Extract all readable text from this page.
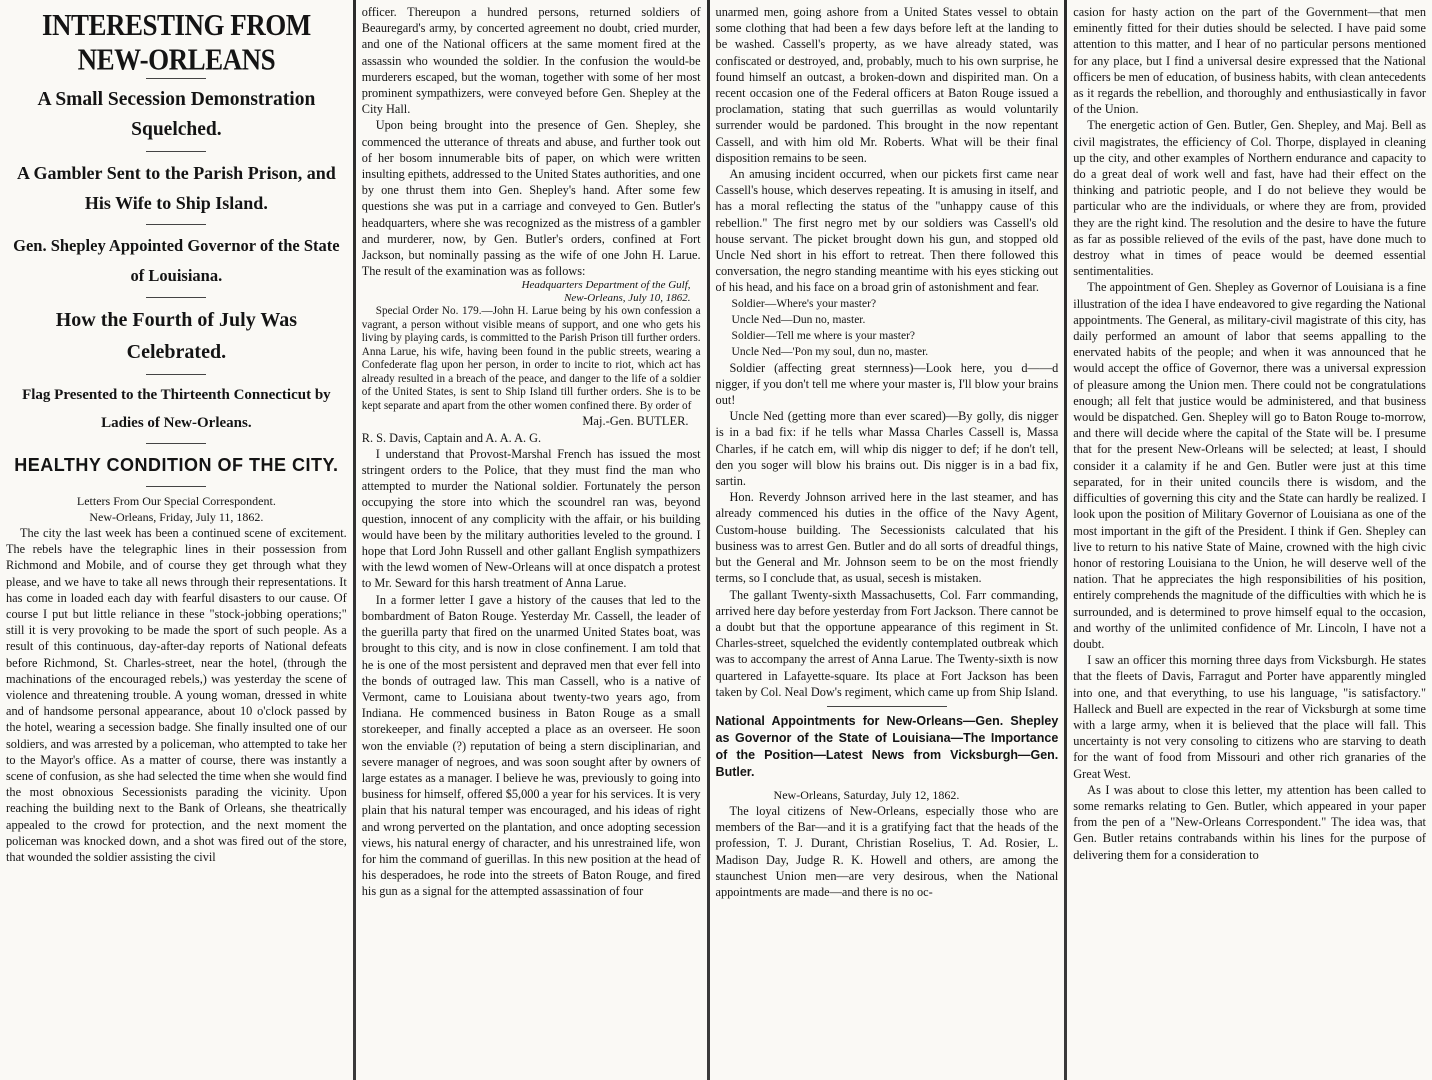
INTERESTING FROM NEW-ORLEANS
A Small Secession Demonstration Squelched.
A Gambler Sent to the Parish Prison, and His Wife to Ship Island.
Gen. Shepley Appointed Governor of the State of Louisiana.
How the Fourth of July Was Celebrated.
Flag Presented to the Thirteenth Connecticut by Ladies of New-Orleans.
HEALTHY CONDITION OF THE CITY.
Letters From Our Special Correspondent.
New-Orleans, Friday, July 11, 1862.

The city the last week has been a continued scene of excitement. The rebels have the telegraphic lines in their possession from Richmond and Mobile, and of course they get through what they please, and we have to take all news through their representations. It has come in loaded each day with fearful disasters to our cause. Of course I put but little reliance in these "stock-jobbing operations;" still it is very provoking to be made the sport of such people. As a result of this continuous, day-after-day reports of National defeats before Richmond, St. Charles-street, near the hotel, (through the machinations of the encouraged rebels,) was yesterday the scene of violence and threatening trouble. A young woman, dressed in white and of handsome personal appearance, about 10 o'clock passed by the hotel, wearing a secession badge. She finally insulted one of our soldiers, and was arrested by a policeman, who attempted to take her to the Mayor's office. As a matter of course, there was instantly a scene of confusion, as she had selected the time when she would find the most obnoxious Secessionists parading the vicinity. Upon reaching the building next to the Bank of Orleans, she theatrically appealed to the crowd for protection, and the next moment the policeman was knocked down, and a shot was fired out of the store, that wounded the soldier assisting the civil

officer. Thereupon a hundred persons, returned soldiers of Beauregard's army, by concerted agreement no doubt, cried murder, and one of the National officers at the same moment fired at the assassin who wounded the soldier. In the confusion the would-be murderers escaped, but the woman, together with some of her most prominent sympathizers, were conveyed before Gen. Shepley at the City Hall.

Upon being brought into the presence of Gen. Shepley, she commenced the utterance of threats and abuse, and further took out of her bosom innumerable bits of paper, on which were written insulting epithets, addressed to the United States authorities, and one by one thrust them into Gen. Shepley's hand. After some few questions she was put in a carriage and conveyed to Gen. Butler's headquarters, where she was recognized as the mistress of a gambler and murderer, now, by Gen. Butler's orders, confined at Fort Jackson, but nominally passing as the wife of one John H. Larue. The result of the examination was as follows:

Headquarters Department of the Gulf,
New-Orleans, July 10, 1862.

Special Order No. 179.—John H. Larue being by his own confession a vagrant, a person without visible means of support, and one who gets his living by playing cards, is committed to the Parish Prison till further orders. Anna Larue, his wife, having been found in the public streets, wearing a Confederate flag upon her person, in order to incite to riot, which act has already resulted in a breach of the peace, and danger to the life of a soldier of the United States, is sent to Ship Island till further orders. She is to be kept separate and apart from the other women confined there. By order of

Maj.-Gen. BUTLER.

R. S. Davis, Captain and A. A. A. G.

I understand that Provost-Marshal French has issued the most stringent orders to the Police, that they must find the man who attempted to murder the National soldier. Fortunately the person occupying the store into which the scoundrel ran was, beyond question, innocent of any complicity with the affair, or his building would have been by the military authorities leveled to the ground. I hope that Lord John Russell and other gallant English sympathizers with the lewd women of New-Orleans will at once dispatch a protest to Mr. Seward for this harsh treatment of Anna Larue.

In a former letter I gave a history of the causes that led to the bombardment of Baton Rouge. Yesterday Mr. Cassell, the leader of the guerilla party that fired on the unarmed United States boat, was brought to this city, and is now in close confinement. I am told that he is one of the most persistent and depraved men that ever fell into the bonds of outraged law. This man Cassell, who is a native of Vermont, came to Louisiana about twenty-two years ago, from Indiana. He commenced business in Baton Rouge as a small storekeeper, and finally accepted a place as an overseer. He soon won the enviable (?) reputation of being a stern disciplinarian, and severe manager of negroes, and was soon sought after by owners of large estates as a manager. I believe he was, previously to going into business for himself, offered $5,000 a year for his services. It is very plain that his natural temper was encouraged, and his ideas of right and wrong perverted on the plantation, and once adopting secession views, his natural energy of character, and his unrestrained life, won for him the command of guerillas. In this new position at the head of his desperadoes, he rode into the streets of Baton Rouge, and fired his gun as a signal for the attempted assassination of four

unarmed men, going ashore from a United States vessel to obtain some clothing that had been a few days before left at the landing to be washed. Cassell's property, as we have already stated, was confiscated or destroyed, and, probably, much to his own surprise, he found himself an outcast, a broken-down and dispirited man. On a recent occasion one of the Federal officers at Baton Rouge issued a proclamation, stating that such guerrillas as would voluntarily surrender would be pardoned. This brought in the now repentant Cassell, and with him old Mr. Roberts. What will be their final disposition remains to be seen.

An amusing incident occurred, when our pickets first came near Cassell's house, which deserves repeating. It is amusing in itself, and has a moral reflecting the status of the "unhappy cause of this rebellion." The first negro met by our soldiers was Cassell's old house servant. The picket brought down his gun, and stopped old Uncle Ned short in his effort to retreat. Then there followed this conversation, the negro standing meantime with his eyes sticking out of his head, and his face on a broad grin of astonishment and fear.

Soldier—Where's your master?
Uncle Ned—Dun no, master.
Soldier—Tell me where is your master?
Uncle Ned—'Pon my soul, dun no, master.

Soldier (affecting great sternness)—Look here, you d——d nigger, if you don't tell me where your master is, I'll blow your brains out!

Uncle Ned (getting more than ever scared)—By golly, dis nigger is in a bad fix: if he tells whar Massa Charles Cassell is, Massa Charles, if he catch em, will whip dis nigger to def; if he don't tell, den you soger will blow his brains out. Dis nigger is in a bad fix, sartin.

Hon. Reverdy Johnson arrived here in the last steamer, and has already commenced his duties in the office of the Navy Agent, Custom-house building. The Secessionists calculated that his business was to arrest Gen. Butler and do all sorts of dreadful things, but the General and Mr. Johnson seem to be on the most friendly terms, so I conclude that, as usual, secesh is mistaken.

The gallant Twenty-sixth Massachusetts, Col. Farr commanding, arrived here day before yesterday from Fort Jackson. There cannot be a doubt but that the opportune appearance of this regiment in St. Charles-street, squelched the evidently contemplated outbreak which was to accompany the arrest of Anna Larue. The Twenty-sixth is now quartered in Lafayette-square. Its place at Fort Jackson has been taken by Col. Neal Dow's regiment, which came up from Ship Island.

National Appointments for New-Orleans—Gen. Shepley as Governor of the State of Louisiana—The Importance of the Position—Latest News from Vicksburgh—Gen. Butler.
New-Orleans, Saturday, July 12, 1862.

The loyal citizens of New-Orleans, especially those who are members of the Bar—and it is a gratifying fact that the heads of the profession, T. J. Durant, Christian Roselius, T. Ad. Rosier, L. Madison Day, Judge R. K. Howell and others, are among the staunchest Union men—are very desirous, when the National appointments are made—and there is no oc-

casion for hasty action on the part of the Government—that men eminently fitted for their duties should be selected. I have paid some attention to this matter, and I hear of no particular persons mentioned for any place, but I find a universal desire expressed that the National officers be men of education, of business habits, with clean antecedents as it regards the rebellion, and thoroughly and enthusiastically in favor of the Union.

The energetic action of Gen. Butler, Gen. Shepley, and Maj. Bell as civil magistrates, the efficiency of Col. Thorpe, displayed in cleaning up the city, and other examples of Northern endurance and capacity to do a great deal of work well and fast, have had their effect on the thinking and patriotic people, and I do not believe they would be particular who are the individuals, or where they are from, provided they are the right kind. The resolution and the desire to have the future as far as possible relieved of the evils of the past, have done much to destroy what in times of peace would be deemed essential sentimentalities.

The appointment of Gen. Shepley as Governor of Louisiana is a fine illustration of the idea I have endeavored to give regarding the National appointments. The General, as military-civil magistrate of this city, has daily performed an amount of labor that seems appalling to the enervated habits of the people; and when it was announced that he would accept the office of Governor, there was a universal expression of pleasure among the Union men. There could not be congratulations enough; all felt that justice would be administered, and that business would be dispatched. Gen. Shepley will go to Baton Rouge to-morrow, and there will decide where the capital of the State will be. I presume that for the present New-Orleans will be selected; at least, I should consider it a calamity if he and Gen. Butler were just at this time separated, for in their united councils there is wisdom, and the difficulties of governing this city and the State can hardly be realized. I look upon the position of Military Governor of Louisiana as one of the most important in the gift of the President. I think if Gen. Shepley can live to return to his native State of Maine, crowned with the high civic honor of restoring Louisiana to the Union, he will deserve well of the nation. That he appreciates the high responsibilities of his position, entirely comprehends the magnitude of the difficulties with which he is surrounded, and is determined to prove himself equal to the occasion, and worthy of the unlimited confidence of Mr. Lincoln, I have not a doubt.

I saw an officer this morning three days from Vicksburgh. He states that the fleets of Davis, Farragut and Porter have apparently mingled into one, and that everything, to use his language, "is satisfactory." Halleck and Buell are expected in the rear of Vicksburgh at some time with a large army, when it is believed that the place will fall. This uncertainty is not very consoling to citizens who are starving to death for the want of food from Missouri and other rich granaries of the Great West.

As I was about to close this letter, my attention has been called to some remarks relating to Gen. Butler, which appeared in your paper from the pen of a "New-Orleans Correspondent." The idea was, that Gen. Butler retains contrabands within his lines for the purpose of delivering them for a consideration to
